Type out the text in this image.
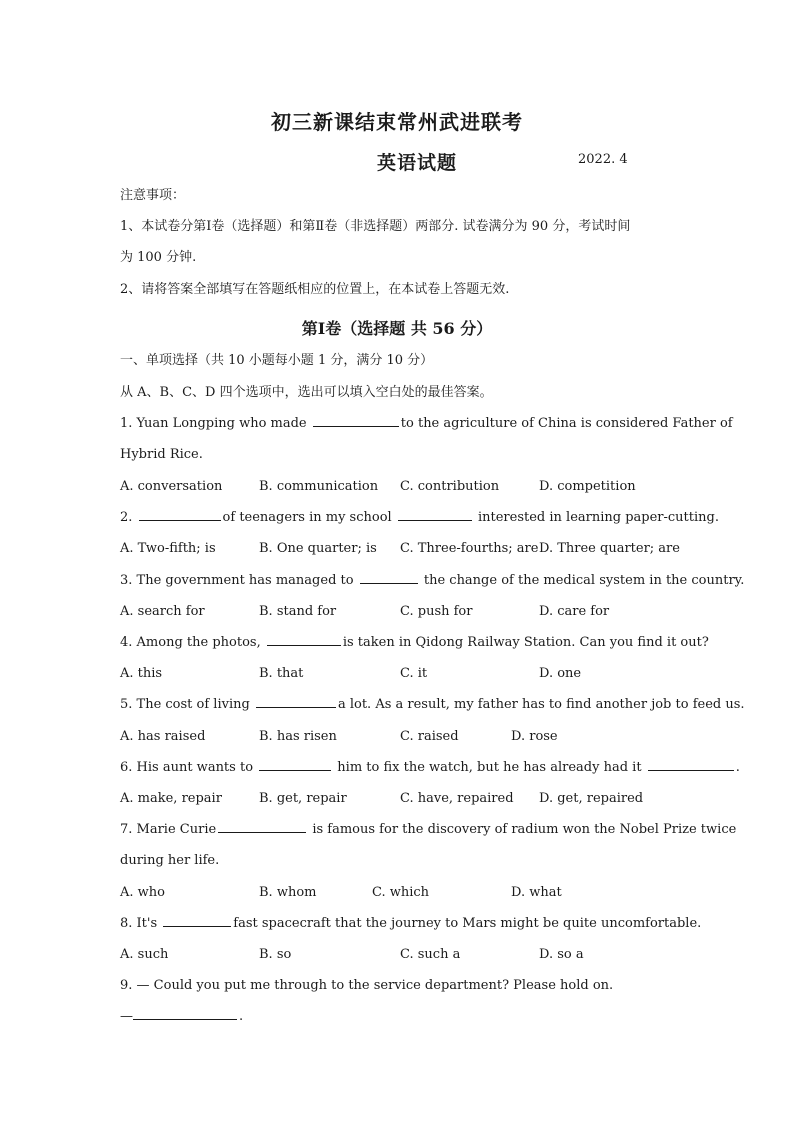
初三新课结束常州武进联考
英语试题	2022. 4
注意事项：
1、本试卷分第Ⅰ卷（选择题）和第Ⅱ卷（非选择题）两部分. 试卷满分为 90 分，考试时间
为 100 分钟.
2、请将答案全部填写在答题纸相应的位置上，在本试卷上答题无效.
第Ⅰ卷（选择题 共 56 分）
一、单项选择（共 10 小题每小题 1 分，满分 10 分）
从 A、B、C、D 四个选项中，选出可以填入空白处的最佳答案。
1. Yuan Longping who made	to the agriculture of China is considered Father of
Hybrid Rice.
A. conversation	B. communication C. contribution	D. competition
2.	of teenagers in my school	interested in learning paper-cutting.
A. Two-fifth; is	B. One quarter; is C. Three-fourths; are D. Three quarter; are
3. The government has managed to	the change of the medical system in the country.
A. search for	B. stand for	C. push for	D. care for
4. Among the photos,	is taken in Qidong Railway Station. Can you find it out?
A. this	B. that	C. it	D. one
5. The cost of living	a lot. As a result, my father has to find another job to feed us.
A. has raised	B. has risen	C. raised	D. rose
6. His aunt wants to	him to fix the watch, but he has already had it	.
A. make, repair	B. get, repair	C. have, repaired D. get, repaired
7. Marie Curie	is famous for the discovery of radium won the Nobel Prize twice
during her life.
A. who	B. whom	C. which	D. what
8. It's	fast spacecraft that the journey to Mars might be quite uncomfortable.
A. such	B. so	C. such a	D. so a
9. — Could you put me through to the service department? Please hold on.
—	.
